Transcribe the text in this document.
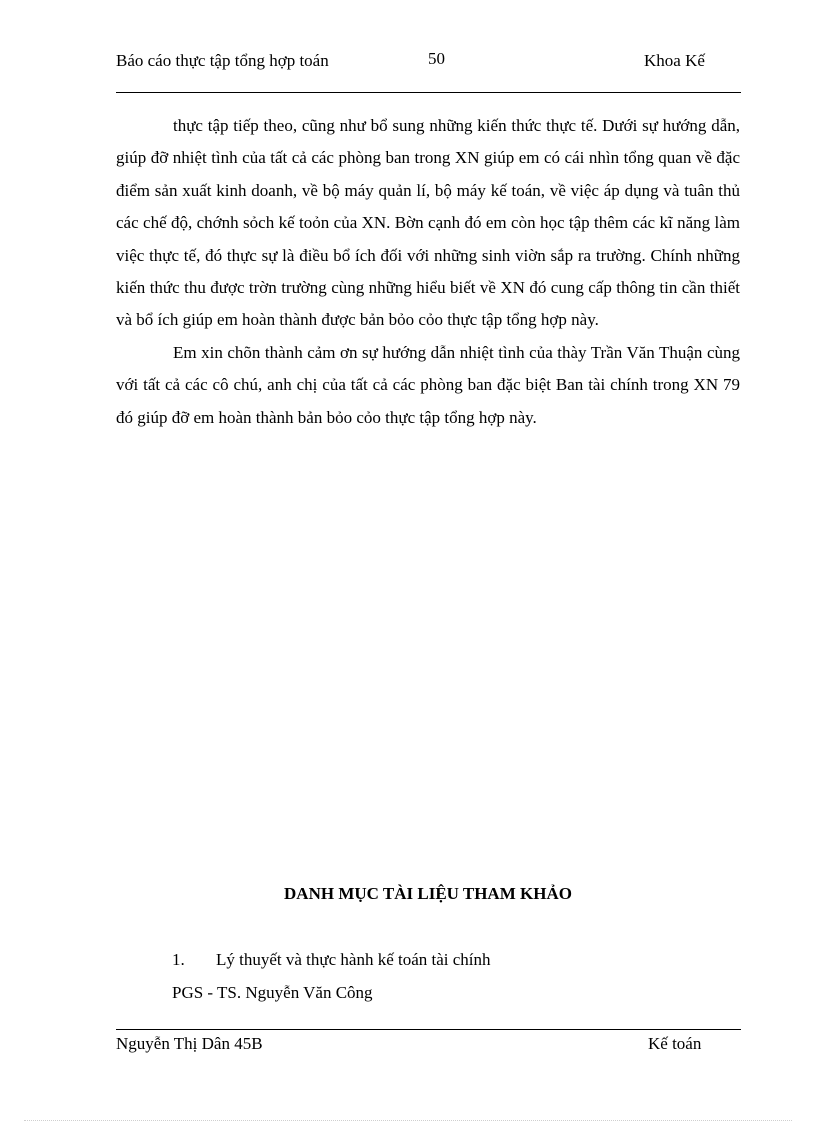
Báo cáo thực tập tổng hợp toán	50	Khoa Kế

thực tập tiếp theo, cũng như bổ sung những kiến thức thực tế. Dưới sự hướng dẫn, giúp đỡ nhiệt tình của tất cả các phòng ban trong XN giúp em có cái nhìn tổng quan về đặc điểm sản xuất kinh doanh, về bộ máy quản lí, bộ máy kế toán, về việc áp dụng và tuân thủ các chế độ, chớnh sỏch kế toỏn của XN. Bờn cạnh đó em còn học tập thêm các kĩ năng làm việc thực tế, đó thực sự là điều bổ ích đối với những sinh viờn sắp ra trường. Chính những kiến thức thu được trờn trường cùng những hiểu biết về XN đó cung cấp thông tin cần thiết và bổ ích giúp em hoàn thành được bản bỏo cỏo thực tập tổng hợp này.

Em xin chõn thành cảm ơn sự hướng dẫn nhiệt tình của thày Trần Văn Thuận cùng với tất cả các cô chú, anh chị của tất cả các phòng ban đặc biệt Ban tài chính trong XN 79 đó giúp đỡ em hoàn thành bản bỏo cỏo thực tập tổng hợp này.

DANH MỤC TÀI LIỆU THAM KHẢO
1. Lý thuyết và thực hành kế toán tài chính
PGS - TS. Nguyễn Văn Công
Nguyễn Thị Dân 45B	Kế toán
